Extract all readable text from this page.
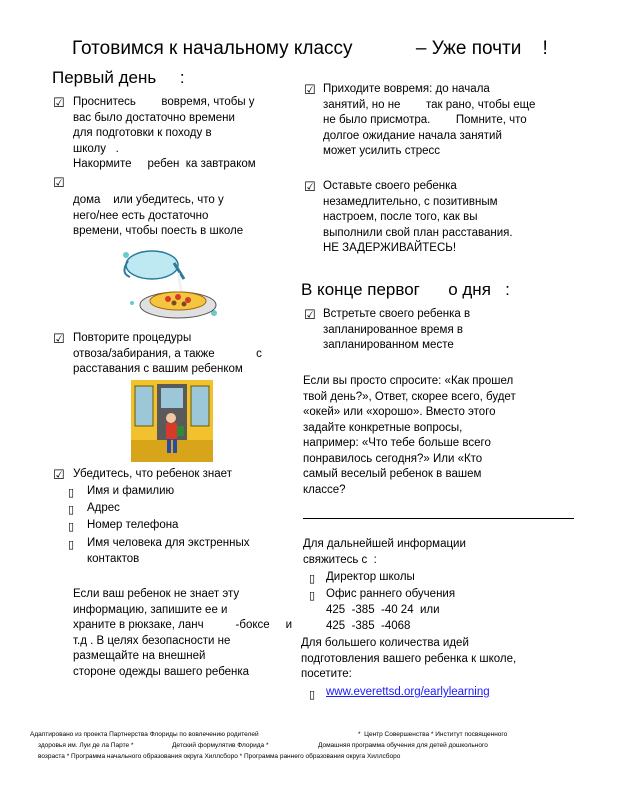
Готовимся к начальному классу            – Уже почти    !
Первый день     :
☑ Проснитесь        вовремя, чтобы у
вас было достаточно времени
для подготовки к походу в
школу   .
Накормите     ребен  ка завтраком
☑
дома    или убедитесь, что у
него/нее есть достаточно
времени, чтобы поесть в школе
☑ Повторите процедуры
отвоза/забирания, а также             с
расставания с вашим ребенком
☑ Убедитесь, что ребенок знает
▯ Имя и фамилию
▯ Адрес
▯ Номер телефона
▯ Имя человека для экстренных
контактов
Если ваш ребенок не знает эту
информацию, запишите ее и
храните в рюкзаке, ланч          -боксе     и
т.д . В целях безопасности не
размещайте на внешней
стороне одежды вашего ребенка
☑ Приходите вовремя: до начала
занятий, но не        так рано, чтобы еще
не было присмотра.        Помните, что
долгое ожидание начала занятий
может усилить стресс
☑ Оставьте своего ребенка
незамедлительно, с позитивным
настроем, после того, как вы
выполнили свой план расставания.
НЕ ЗАДЕРЖИВАЙТЕСЬ!
В конце первог      о дня   :
☑ Встретьте своего ребенка в
запланированное время в
запланированном месте
Если вы просто спросите: «Как прошел
твой день?», Ответ, скорее всего, будет
«окей» или «хорошо». Вместо этого
задайте конкретные вопросы,
например: «Что тебе больше всего
понравилось сегодня?» Или «Кто
самый веселый ребенок в вашем
классе?
Для дальнейшей информации
свяжитесь с  :
▯ Директор школы
▯ Офис раннего обучения
425  -385  -40 24  или
425  -385  -4068
Для большего количества идей
подготовления вашего ребенка к школе,
посетите:
▯ www.everettsd.org/earlylearning
Адаптировано из проекта Партнерства Флориды по вовлечению родителей	*  Центр Совершенства * Институт посвященного
здоровья им. Луи де ла Парте *	Детский формулятив Флорида *	Домашняя программа обучения для детей дошкольного
возраста * Программа начального образования округа Хиллсборо * Программа раннего образования округа Хиллсборо
